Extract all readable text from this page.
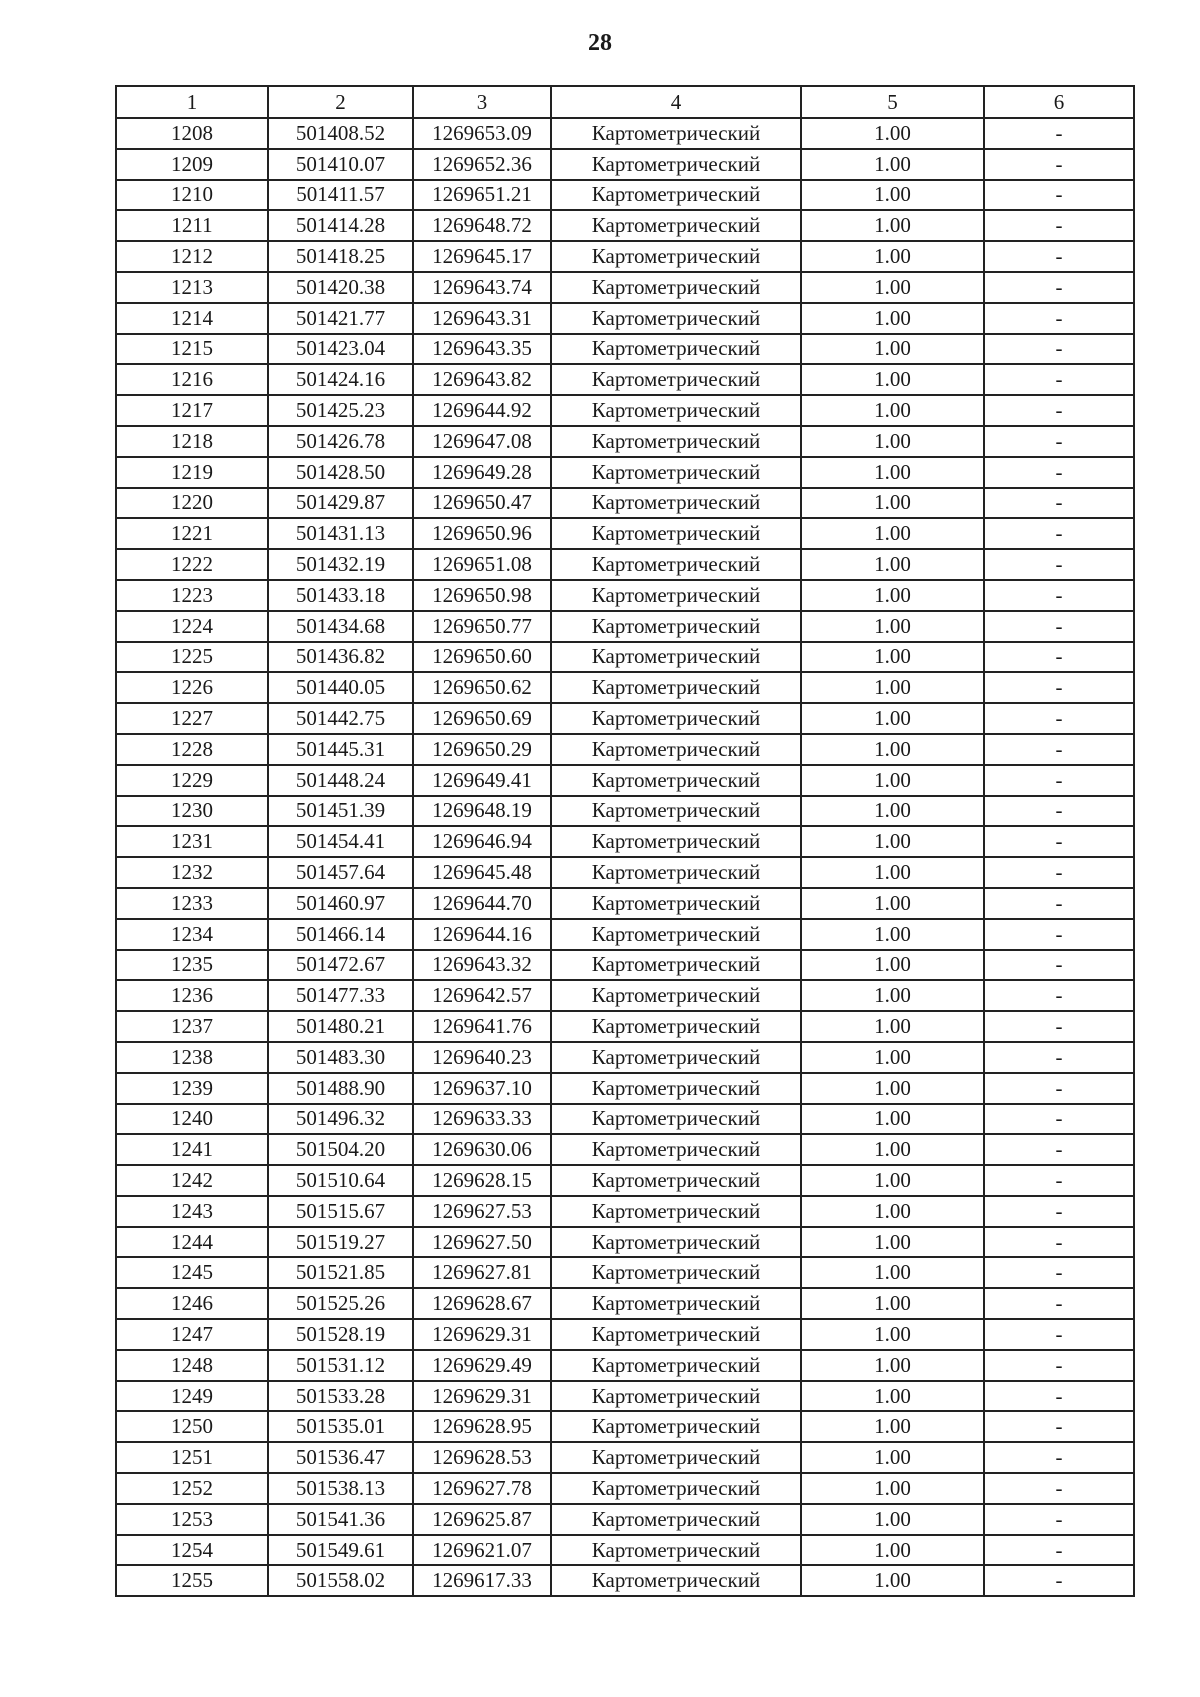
28
1	2	3	4	5	6
1208	501408.52	1269653.09	Картометрический	1.00	-
1209	501410.07	1269652.36	Картометрический	1.00	-
1210	501411.57	1269651.21	Картометрический	1.00	-
1211	501414.28	1269648.72	Картометрический	1.00	-
1212	501418.25	1269645.17	Картометрический	1.00	-
1213	501420.38	1269643.74	Картометрический	1.00	-
1214	501421.77	1269643.31	Картометрический	1.00	-
1215	501423.04	1269643.35	Картометрический	1.00	-
1216	501424.16	1269643.82	Картометрический	1.00	-
1217	501425.23	1269644.92	Картометрический	1.00	-
1218	501426.78	1269647.08	Картометрический	1.00	-
1219	501428.50	1269649.28	Картометрический	1.00	-
1220	501429.87	1269650.47	Картометрический	1.00	-
1221	501431.13	1269650.96	Картометрический	1.00	-
1222	501432.19	1269651.08	Картометрический	1.00	-
1223	501433.18	1269650.98	Картометрический	1.00	-
1224	501434.68	1269650.77	Картометрический	1.00	-
1225	501436.82	1269650.60	Картометрический	1.00	-
1226	501440.05	1269650.62	Картометрический	1.00	-
1227	501442.75	1269650.69	Картометрический	1.00	-
1228	501445.31	1269650.29	Картометрический	1.00	-
1229	501448.24	1269649.41	Картометрический	1.00	-
1230	501451.39	1269648.19	Картометрический	1.00	-
1231	501454.41	1269646.94	Картометрический	1.00	-
1232	501457.64	1269645.48	Картометрический	1.00	-
1233	501460.97	1269644.70	Картометрический	1.00	-
1234	501466.14	1269644.16	Картометрический	1.00	-
1235	501472.67	1269643.32	Картометрический	1.00	-
1236	501477.33	1269642.57	Картометрический	1.00	-
1237	501480.21	1269641.76	Картометрический	1.00	-
1238	501483.30	1269640.23	Картометрический	1.00	-
1239	501488.90	1269637.10	Картометрический	1.00	-
1240	501496.32	1269633.33	Картометрический	1.00	-
1241	501504.20	1269630.06	Картометрический	1.00	-
1242	501510.64	1269628.15	Картометрический	1.00	-
1243	501515.67	1269627.53	Картометрический	1.00	-
1244	501519.27	1269627.50	Картометрический	1.00	-
1245	501521.85	1269627.81	Картометрический	1.00	-
1246	501525.26	1269628.67	Картометрический	1.00	-
1247	501528.19	1269629.31	Картометрический	1.00	-
1248	501531.12	1269629.49	Картометрический	1.00	-
1249	501533.28	1269629.31	Картометрический	1.00	-
1250	501535.01	1269628.95	Картометрический	1.00	-
1251	501536.47	1269628.53	Картометрический	1.00	-
1252	501538.13	1269627.78	Картометрический	1.00	-
1253	501541.36	1269625.87	Картометрический	1.00	-
1254	501549.61	1269621.07	Картометрический	1.00	-
1255	501558.02	1269617.33	Картометрический	1.00	-
